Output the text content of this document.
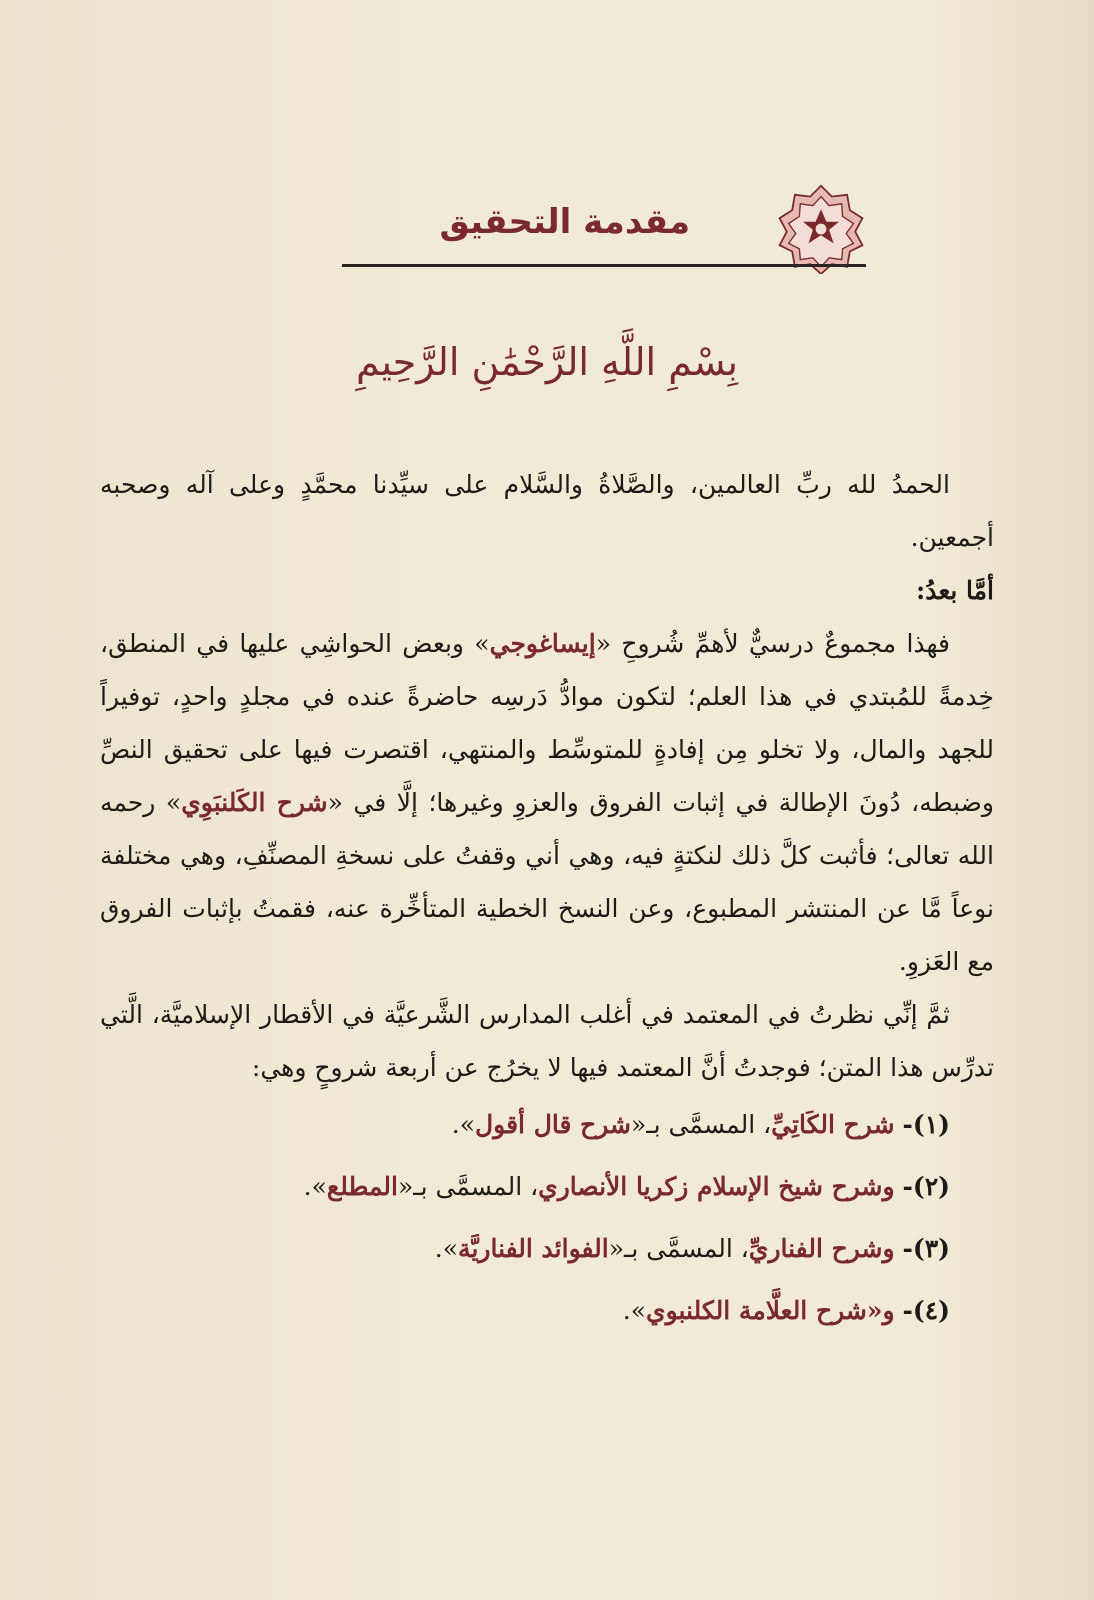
مقدمة التحقيق
بِسْمِ اللَّهِ الرَّحْمَٰنِ الرَّحِيمِ

الحمدُ لله ربِّ العالمين، والصَّلاةُ والسَّلام على سيِّدنا محمَّدٍ وعلى آله وصحبه أجمعين.

أمَّا بعدُ:

فهذا مجموعٌ درسيٌّ لأهمِّ شُروحِ «إيساغوجي» وبعض الحواشِي عليها في المنطق، خِدمةً للمُبتدي في هذا العلم؛ لتكون موادُّ دَرسِه حاضرةً عنده في مجلدٍ واحدٍ، توفيراً للجهد والمال، ولا تخلو مِن إفادةٍ للمتوسِّط والمنتهي، اقتصرت فيها على تحقيق النصِّ وضبطه، دُونَ الإطالة في إثبات الفروق والعزوِ وغيرها؛ إلَّا في «شرح الكَلنبَوِي» رحمه الله تعالى؛ فأثبت كلَّ ذلك لنكتةٍ فيه، وهي أني وقفتُ على نسخةِ المصنِّفِ، وهي مختلفة نوعاً مَّا عن المنتشر المطبوع، وعن النسخ الخطية المتأخِّرة عنه، فقمتُ بإثبات الفروق مع العَزوِ.

ثمَّ إنِّي نظرتُ في المعتمد في أغلب المدارس الشَّرعيَّة في الأقطار الإسلاميَّة، الَّتي تدرِّس هذا المتن؛ فوجدتُ أنَّ المعتمد فيها لا يخرُج عن أربعة شروحٍ وهي:

(١)- شرح الكَاتِيِّ، المسمَّى بـ«شرح قال أقول».

(٢)- وشرح شيخ الإسلام زكريا الأنصاري، المسمَّى بـ«المطلع».

(٣)- وشرح الفناريِّ، المسمَّى بـ«الفوائد الفناريَّة».

(٤)- و«شرح العلَّامة الكلنبوي».
